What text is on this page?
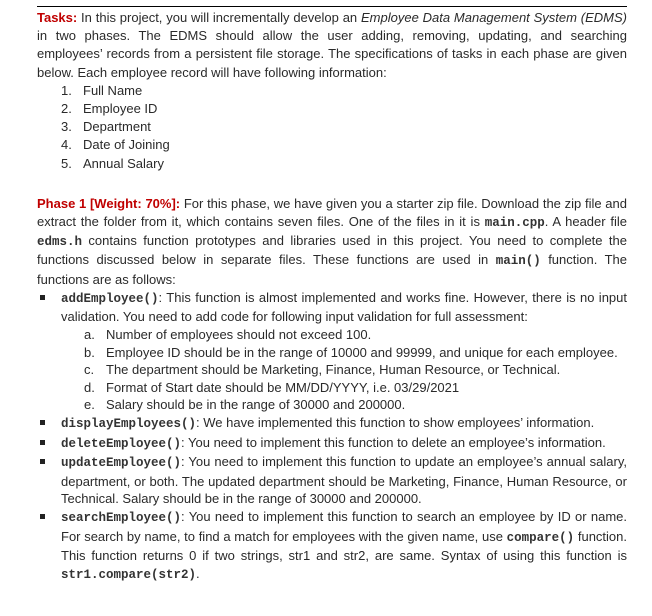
Tasks: In this project, you will incrementally develop an Employee Data Management System (EDMS) in two phases. The EDMS should allow the user adding, removing, updating, and searching employees’ records from a persistent file storage. The specifications of tasks in each phase are given below. Each employee record will have following information:

1. Full Name
2. Employee ID
3. Department
4. Date of Joining
5. Annual Salary

Phase 1 [Weight: 70%]: For this phase, we have given you a starter zip file. Download the zip file and extract the folder from it, which contains seven files. One of the files in it is main.cpp. A header file edms.h contains function prototypes and libraries used in this project. You need to complete the functions discussed below in separate files. These functions are used in main() function. The functions are as follows:

addEmployee(): This function is almost implemented and works fine. However, there is no input validation. You need to add code for following input validation for full assessment:
a. Number of employees should not exceed 100.
b. Employee ID should be in the range of 10000 and 99999, and unique for each employee.
c. The department should be Marketing, Finance, Human Resource, or Technical.
d. Format of Start date should be MM/DD/YYYY, i.e. 03/29/2021
e. Salary should be in the range of 30000 and 200000.
displayEmployees(): We have implemented this function to show employees’ information.
deleteEmployee(): You need to implement this function to delete an employee’s information.
updateEmployee(): You need to implement this function to update an employee’s annual salary, department, or both. The updated department should be Marketing, Finance, Human Resource, or Technical. Salary should be in the range of 30000 and 200000.
searchEmployee(): You need to implement this function to search an employee by ID or name. For search by name, to find a match for employees with the given name, use compare() function. This function returns 0 if two strings, str1 and str2, are same. Syntax of using this function is str1.compare(str2).
